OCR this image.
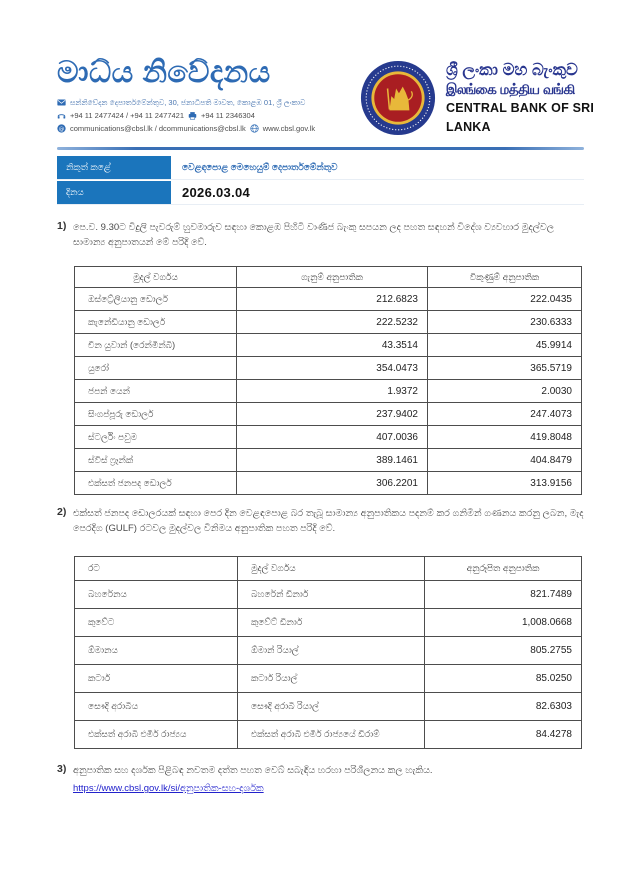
මාධ්ය නිවේදනය
සන්නිවේදන දෙපාර්තමේන්තුව, 30, ජනාධිපති මාවත, කොළඹ 01, ශ්‍රී ලංකාව
+94 11 2477424 / +94 11 2477421 +94 11 2346304
@ communications@cbsl.lk / dcommunications@cbsl.lk www.cbsl.gov.lk
ශ්‍රී ලංකා මහ බැංකුව
இலங்கை மத்திய வங்கி
CENTRAL BANK OF SRI LANKA
නිකුත් කළේ	වෙළඳපොළ මෙහෙයුම් දෙපාර්තමේන්තුව
දිනය	2026.03.04
1) පෙ.ව. 9.30ට විදුලි පැවරුම් හුවමාරුව සඳහා කොළඹ පිහිටි වාණිජ බැංකු සපයන ලද පහත සඳහන් විදේශ ව්‍යවහාර මුදල්වල සාමාන්‍ය අනුපාතයන් මේ පරිදි වේ.
මුදල් වර්ගය	ගැනුම් අනුපාතික	විකුණුම් අනුපාතික
ඔස්ට්‍රේලියානු ඩොලර්	212.6823	222.0435
කැනේඩියානු ඩොලර්	222.5232	230.6333
චීන යුවාන් (රෙන්මින්බි)	43.3514	45.9914
යුරෝ	354.0473	365.5719
ජපන් යෙන්	1.9372	2.0030
සිංගප්පූරු ඩොලර්	237.9402	247.4073
ස්ටර්ලිං පවුම	407.0036	419.8048
ස්විස් ෆ්‍රෑන්ක්	389.1461	404.8479
එක්සත් ජනපද ඩොලර්	306.2201	313.9156
2) එක්සත් ජනපද ඩොලරයක් සඳහා පෙර දින වෙළඳපොළ බර තැබූ සාමාන්‍ය අනුපාතිකය පදනම් කර ගනිමින් ගණනය කරනු ලබන, මැද පෙරදිග (GULF) රටවල මුදල්වල විනිමය අනුපාතික පහත පරිදි වේ.
රට	මුදල් වර්ගය	අනුරූපිත අනුපාතික
බහරේනය	බහරේන් ඩිනාර්	821.7489
කුවේට	කුවේට් ඩිනාර්	1,008.0668
ඕමානය	ඕමාන් රියාල්	805.2755
කටාර්	කටාර් රියාල්	85.0250
සෞදි අරාබිය	සෞදි අරාබි රියාල්	82.6303
එක්සත් අරාබි එමීර් රාජ්‍යය	එක්සත් අරාබි එමීර් රාජ්‍යයේ ඩිරාම්	84.4278
3) අනුපාතික සහ දර්ශක පිළිබඳ නවතම දත්ත පහත වෙබ් සබැඳිය හරහා පරිශීලනය කල හැකිය.
https://www.cbsl.gov.lk/si/අනුපාතික-සහ-දර්ශක
